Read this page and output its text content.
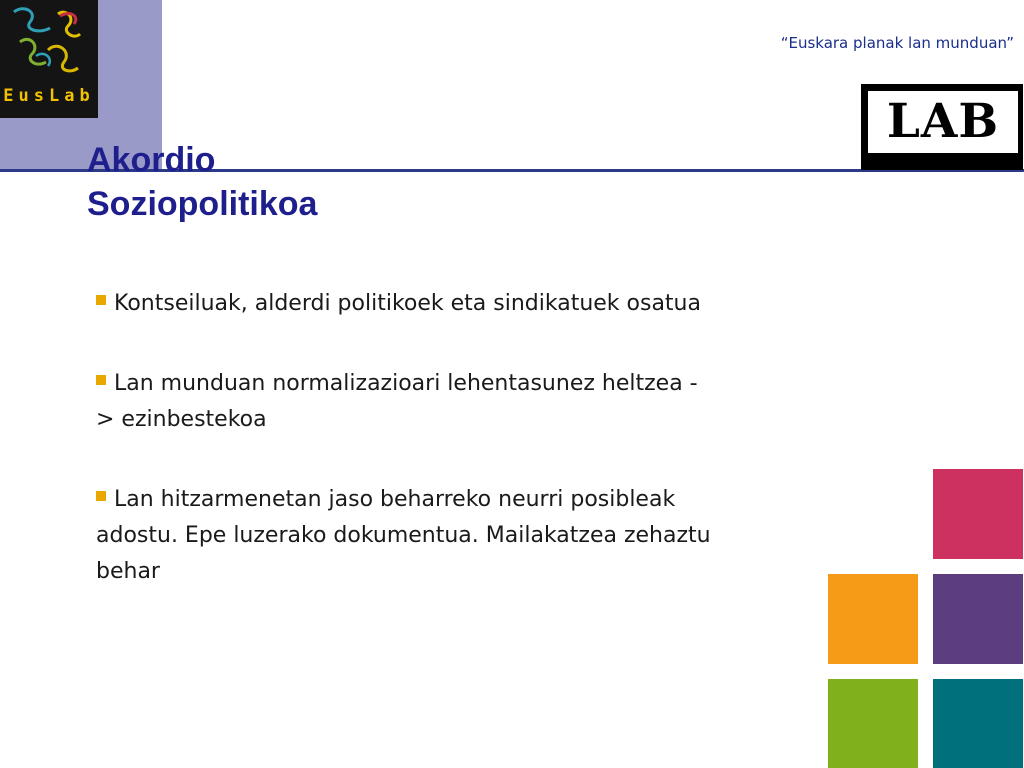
EusLab
“Euskara planak lan munduan”
LAB
Akordio
Soziopolitikoa
Kontseiluak, alderdi politikoek eta sindikatuek osatua
Lan munduan normalizazioari lehentasunez heltzea -> ezinbestekoa
Lan hitzarmenetan jaso beharreko neurri posibleak adostu. Epe luzerako dokumentua. Mailakatzea zehaztu behar
